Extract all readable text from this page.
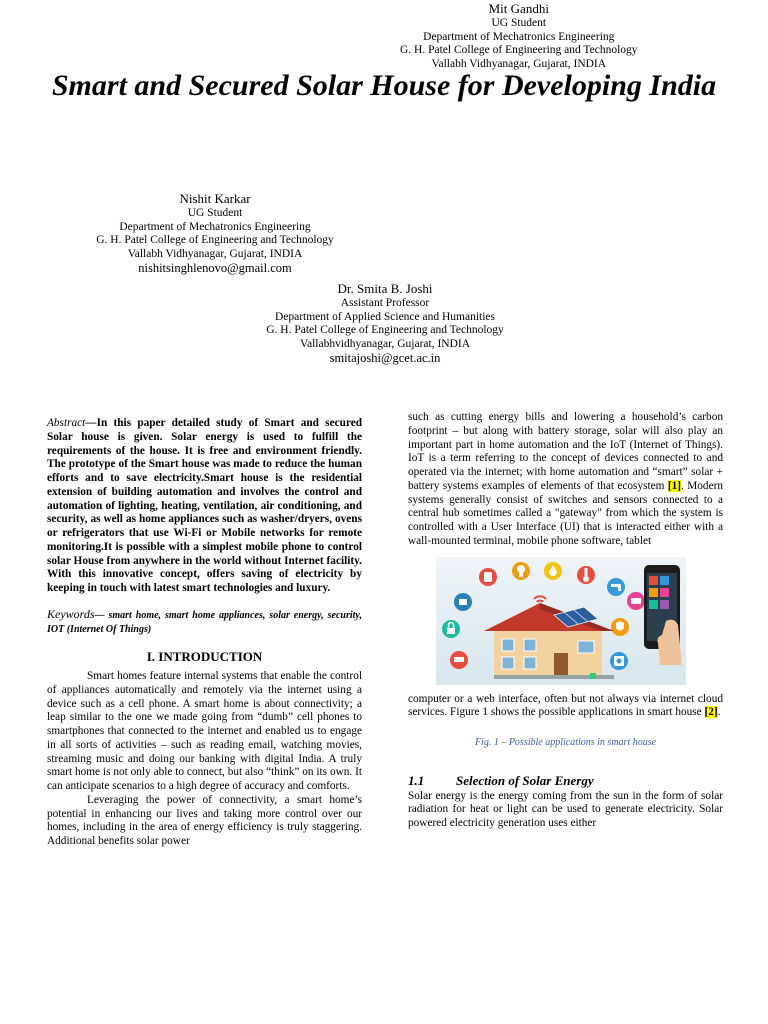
Smart and Secured Solar House for Developing India
Nishit Karkar
UG Student
Department of Mechatronics Engineering
G. H. Patel College of Engineering and Technology
Vallabh Vidhyanagar, Gujarat, INDIA
nishitsinghlenovo@gmail.com
Mit Gandhi
UG Student
Department of Mechatronics Engineering
G. H. Patel College of Engineering and Technology
Vallabh Vidhyanagar, Gujarat, INDIA
Dr. Smita B. Joshi
Assistant Professor
Department of Applied Science and Humanities
G. H. Patel College of Engineering and Technology
Vallabhvidhyanagar, Gujarat, INDIA
smitajoshi@gcet.ac.in

Abstract—In this paper detailed study of Smart and secured Solar house is given. Solar energy is used to fulfill the requirements of the house. It is free and environment friendly. The prototype of the Smart house was made to reduce the human efforts and to save electricity.Smart house is the residential extension of building automation and involves the control and automation of lighting, heating, ventilation, air conditioning, and security, as well as home appliances such as washer/dryers, ovens or refrigerators that use Wi-Fi or Mobile networks for remote monitoring.It is possible with a simplest mobile phone to control solar House from anywhere in the world without Internet facility. With this innovative concept, offers saving of electricity by keeping in touch with latest smart technologies and luxury.

Keywords— smart home, smart home appliances, solar energy, security, IOT (Internet Of Things)

I. INTRODUCTION

Smart homes feature internal systems that enable the control of appliances automatically and remotely via the internet using a device such as a cell phone. A smart home is about connectivity; a leap similar to the one we made going from “dumb” cell phones to smartphones that connected to the internet and enabled us to engage in all sorts of activities – such as reading email, watching movies, streaming music and doing our banking with digital India. A truly smart home is not only able to connect, but also “think” on its own. It can anticipate scenarios to a high degree of accuracy and comforts.

Leveraging the power of connectivity, a smart home’s potential in enhancing our lives and taking more control over our homes, including in the area of energy efficiency is truly staggering. Additional benefits solar power

such as cutting energy bills and lowering a household’s carbon footprint – but along with battery storage, solar will also play an important part in home automation and the IoT (Internet of Things). IoT is a term referring to the concept of devices connected to and operated via the internet; with home automation and “smart” solar + battery systems examples of elements of that ecosystem [1]. Modern systems generally consist of switches and sensors connected to a central hub sometimes called a "gateway" from which the system is controlled with a User Interface (UI) that is interacted either with a wall-mounted terminal, mobile phone software, tablet

computer or a web interface, often but not always via internet cloud services. Figure 1 shows the possible applications in smart house [2].

Fig. 1 – Possible applications in smart house

1.1 Selection of Solar Energy

Solar energy is the energy coming from the sun in the form of solar radiation for heat or light can be used to generate electricity. Solar powered electricity generation uses either
